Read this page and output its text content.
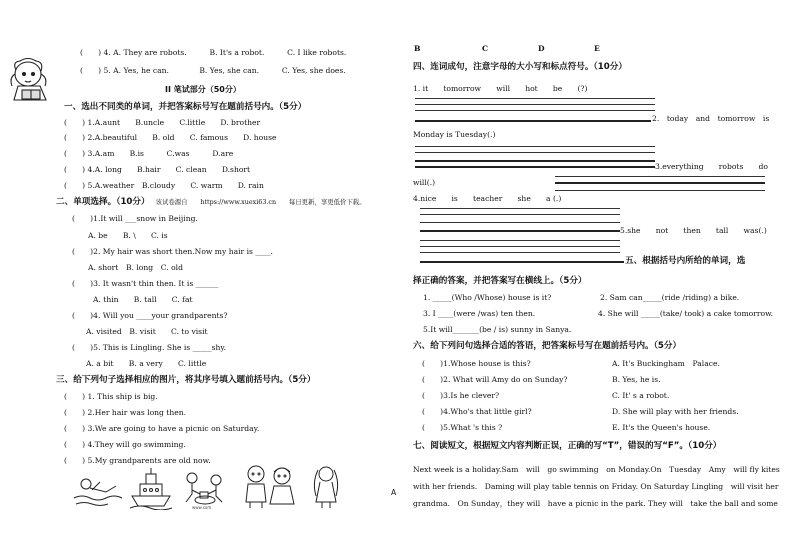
(　　) 4. A. They are robots.　　　B. It's a robot.　　　C. I like robots.
(　　) 5. A. Yes, he can.　　　　B. Yes, she can.　　　C. Yes, she does.
II 笔试部分（50分）
一、选出不同类的单词，并把答案标号写在题前括号内。（5分）
(　　) 1.A.aunt　　B.uncle　　C.little　　D. brother
(　　) 2.A.beautiful　　B. old　　C. famous　　D. house
(　　) 3.A.am　　B.is　　　C.was　　　D.are
(　　) 4.A. long　　B.hair　　C. clean　　D.short
(　　) 5.A.weather　B.cloudy　　C. warm　　D. rain
二、单项选择。（10分） 该试卷源自　　https://www.xuexi63.cn　　每日更新，享更低价下载。
(　　)1.It will ___snow in Beijing.
A. be　　B. \　　C. is
(　　)2. My hair was short then.Now my hair is ____.
A. short　B. long　C. old
(　　)3. It wasn't thin then. It is ______
A. thin　　B. tall　　C. fat
(　　)4. Will you ____your grandparents?
A. visited　B. visit　　C. to visit
(　　)5. This is Lingling. She is _____shy.
A. a bit　　B. a very　　C. little
三、给下列句子选择相应的图片，将其序号填入题前括号内。（5分）
(　　) 1. This ship is big.
(　　) 2.Her hair was long then.
(　　) 3.We are going to have a picnic on Saturday.
(　　) 4.They will go swimming.
(　　) 5.My grandparents are old now.
www.com
A
B	C	D	E
四、连词成句，注意字母的大小写和标点符号。（10分）
1. it　　tomorrow　　will　　hot　　be　　(?)
2.　today　and　tomorrow　is
Monday is Tuesday(.)
3.everything　　robots　　do
will(.)
4.nice　　is　　teacher　　she　　a (.)
5.she　　not　　then　　tall　　was(.)
五、根据括号内所给的单词，选
择正确的答案，并把答案写在横线上。（5分）
1. _____(Who /Whose) house is it?	2. Sam can_____(ride /riding) a bike.
3. I ____(were /was) ten then.	4. She will _____(take/ took) a cake tomorrow.
5.It will_______(be / is) sunny in Sanya.
六、给下列问句选择合适的答语，把答案标号写在题前括号内。（5分）
(　　)1.Whose house is this?	A. It's Buckingham　Palace.
(　　)2. What will Amy do on Sunday?	B. Yes, he is.
(　　)3.Is he clever?	C. It' s a robot.
(　　)4.Who's that little girl?	D. She will play with her friends.
(　　)5.What 's this ?	E. It's the Queen's house.
七、阅读短文，根据短文内容判断正误，正确的写“T”，错误的写“F”。（10分）
Next week is a holiday.Sam　will　go swimming　on Monday.On　Tuesday　Amy　will fly kites
with her friends.　Daming will play table tennis on Friday. On Saturday Lingling　will visit her
grandma.　On Sunday，they will　have a picnic in the park. They will　take the ball and some
